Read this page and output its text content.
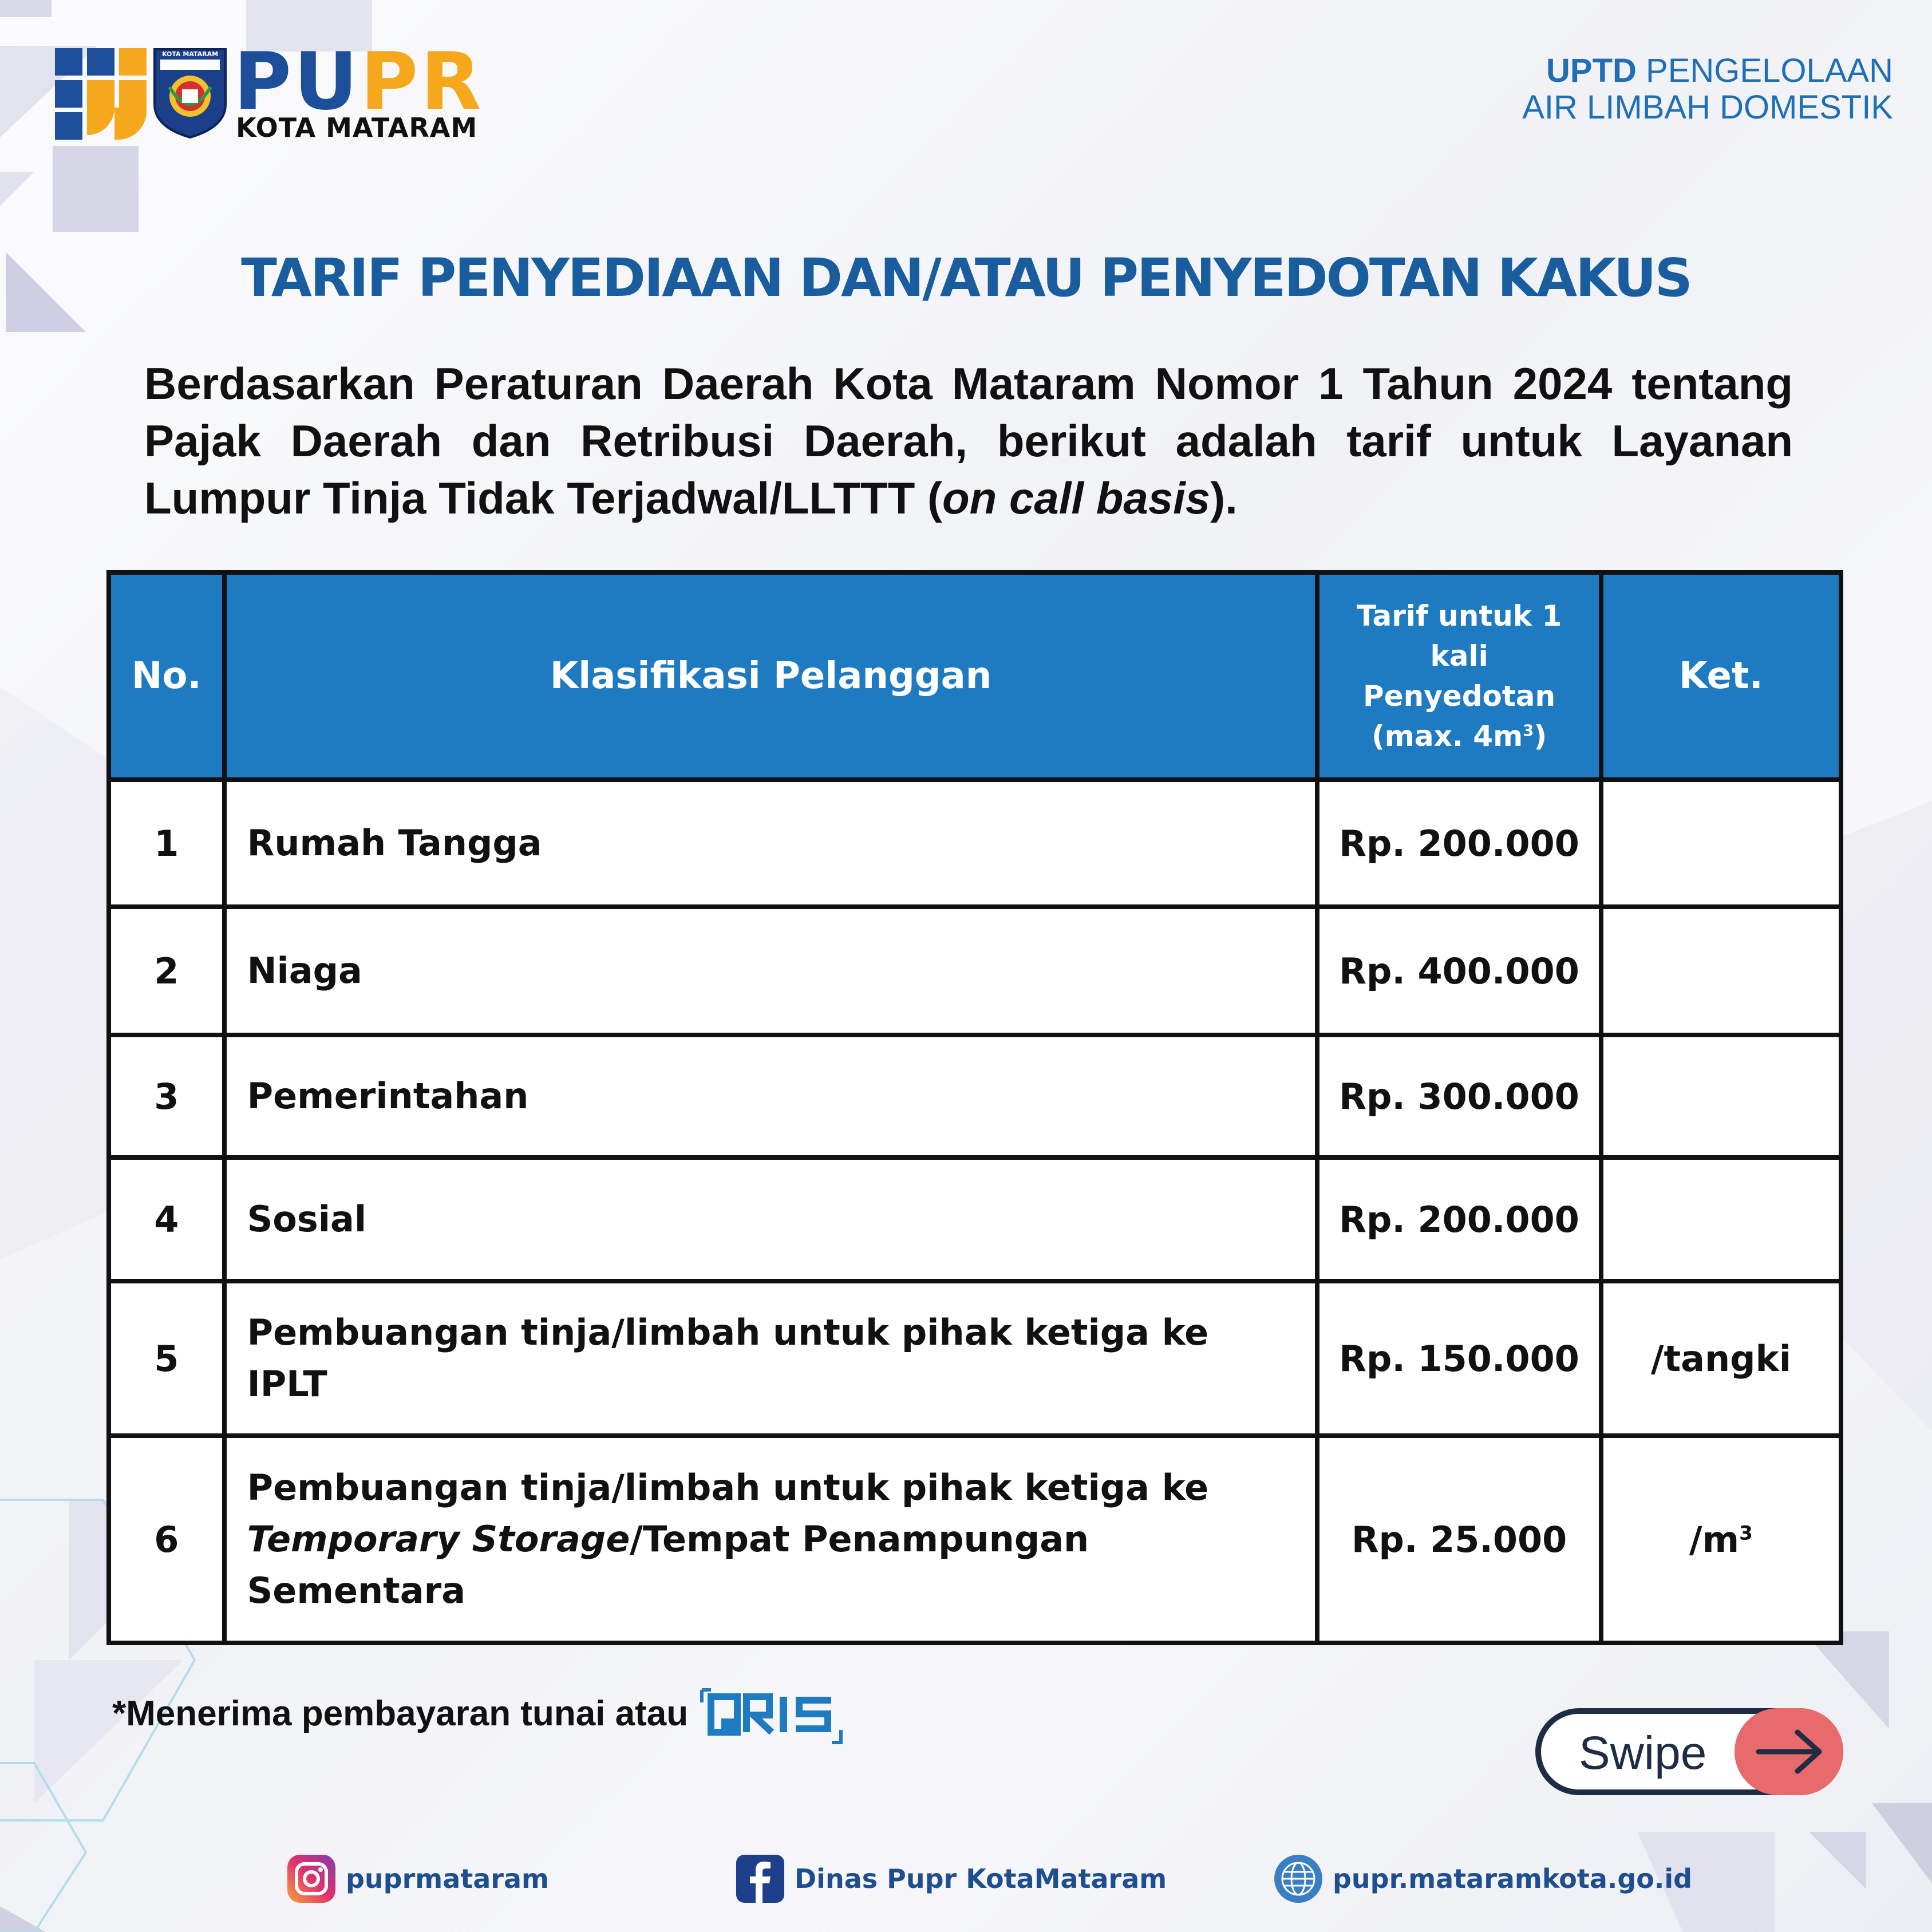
KOTA MATARAM PUPR
KOTA MATARAM
UPTD PENGELOLAAN
AIR LIMBAH DOMESTIK
TARIF PENYEDIAAN DAN/ATAU PENYEDOTAN KAKUS
Berdasarkan Peraturan Daerah Kota Mataram Nomor 1 Tahun 2024 tentang Pajak Daerah dan Retribusi Daerah, berikut adalah tarif untuk Layanan Lumpur Tinja Tidak Terjadwal/LLTTT (on call basis).
No.	Klasifikasi Pelanggan	Tarif untuk 1
kali
Penyedotan
(max. $4m^3$)	Ket.
1	Rumah Tangga	Rp. 200.000	
2	Niaga	Rp. 400.000	
3	Pemerintahan	Rp. 300.000	
4	Sosial	Rp. 200.000	
5	Pembuangan tinja/limbah untuk pihak ketiga ke
IPLT	Rp. 150.000	/tangki
6	Pembuangan tinja/limbah untuk pihak ketiga ke
Temporary Storage/Tempat Penampungan
Sementara	Rp. 25.000	$/m^3$
*Menerima pembayaran tunai atau
Swipe
puprmataram	Dinas Pupr KotaMataram	pupr.mataramkota.go.id
